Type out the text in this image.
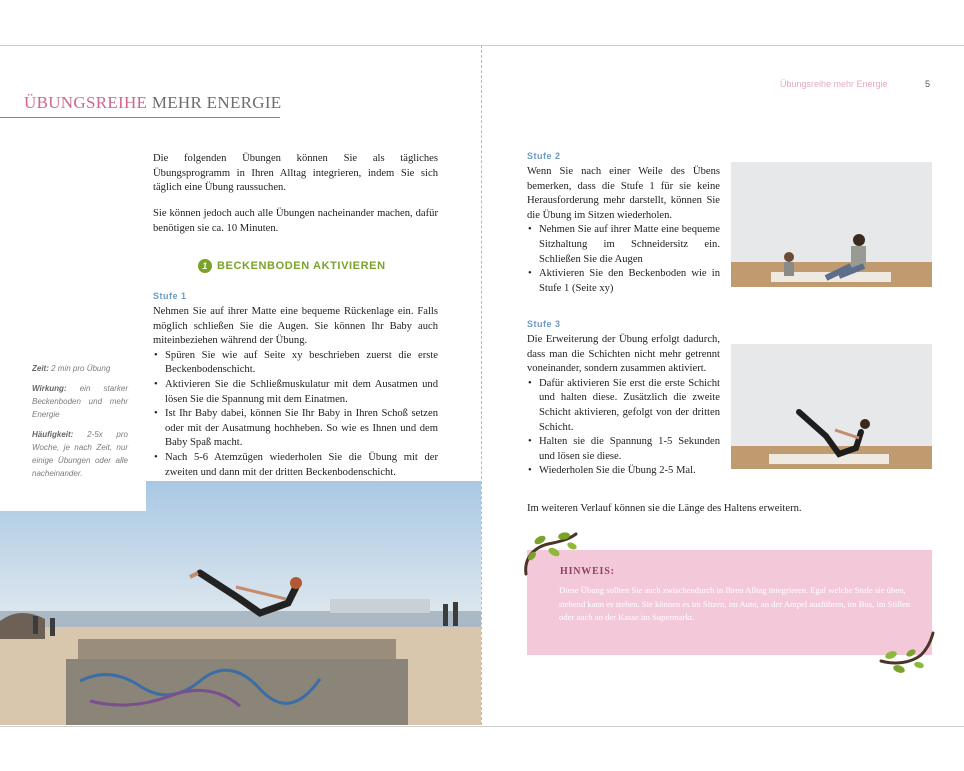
ÜBUNGSREIHE MEHR ENERGIE

Die folgenden Übungen können Sie als tägliches Übungsprogramm in Ihren Alltag integrieren, indem Sie sich täglich eine Übung raussuchen.

Sie können jedoch auch alle Übungen nacheinander machen, dafür benötigen sie ca. 10 Minuten.

1 BECKENBODEN AKTIVIEREN
Stufe 1
Nehmen Sie auf ihrer Matte eine bequeme Rückenlage ein. Falls möglich schließen Sie die Augen. Sie können Ihr Baby auch miteinbeziehen während der Übung.
• Spüren Sie wie auf Seite xy beschrieben zuerst die erste Beckenbodenschicht.
• Aktivieren Sie die Schließmuskulatur mit dem Ausatmen und lösen Sie die Spannung mit dem Einatmen.
• Ist Ihr Baby dabei, können Sie Ihr Baby in Ihren Schoß setzen oder mit der Ausatmung hochheben. So wie es Ihnen und dem Baby Spaß macht.
• Nach 5-6 Atemzügen wiederholen Sie die Übung mit der zweiten und dann mit der dritten Beckenbodenschicht.

Zeit: 2 min pro Übung

Wirkung: ein starker Beckenboden und mehr Energie

Häufigkeit: 2-5x pro Woche, je nach Zeit, nur einige Übungen oder alle nacheinander.

Übungsreihe mehr Energie	5
Stufe 2
Wenn Sie nach einer Weile des Übens bemerken, dass die Stufe 1 für sie keine Herausforderung mehr darstellt, können Sie die Übung im Sitzen wiederholen.
• Nehmen Sie auf ihrer Matte eine bequeme Sitzhaltung im Schneidersitz ein. Schließen Sie die Augen
• Aktivieren Sie den Beckenboden wie in Stufe 1 (Seite xy)
Stufe 3
Die Erweiterung der Übung erfolgt dadurch, dass man die Schichten nicht mehr getrennt voneinander, sondern zusammen aktiviert.
• Dafür aktivieren Sie erst die erste Schicht und halten diese. Zusätzlich die zweite Schicht aktivieren, gefolgt von der dritten Schicht.
• Halten sie die Spannung 1-5 Sekunden und lösen sie diese.
• Wiederholen Sie die Übung 2-5 Mal.

Im weiteren Verlauf können sie die Länge des Haltens erweitern.

HINWEIS:
Diese Übung sollten Sie auch zwischendurch in Ihren Alltag integrieren. Egal welche Stufe sie üben, stehend kann es stehen. Sie können es im Sitzen, im Auto, an der Ampel ausführen, im Bus, im Stillen oder auch an der Kasse im Supermarkt.
